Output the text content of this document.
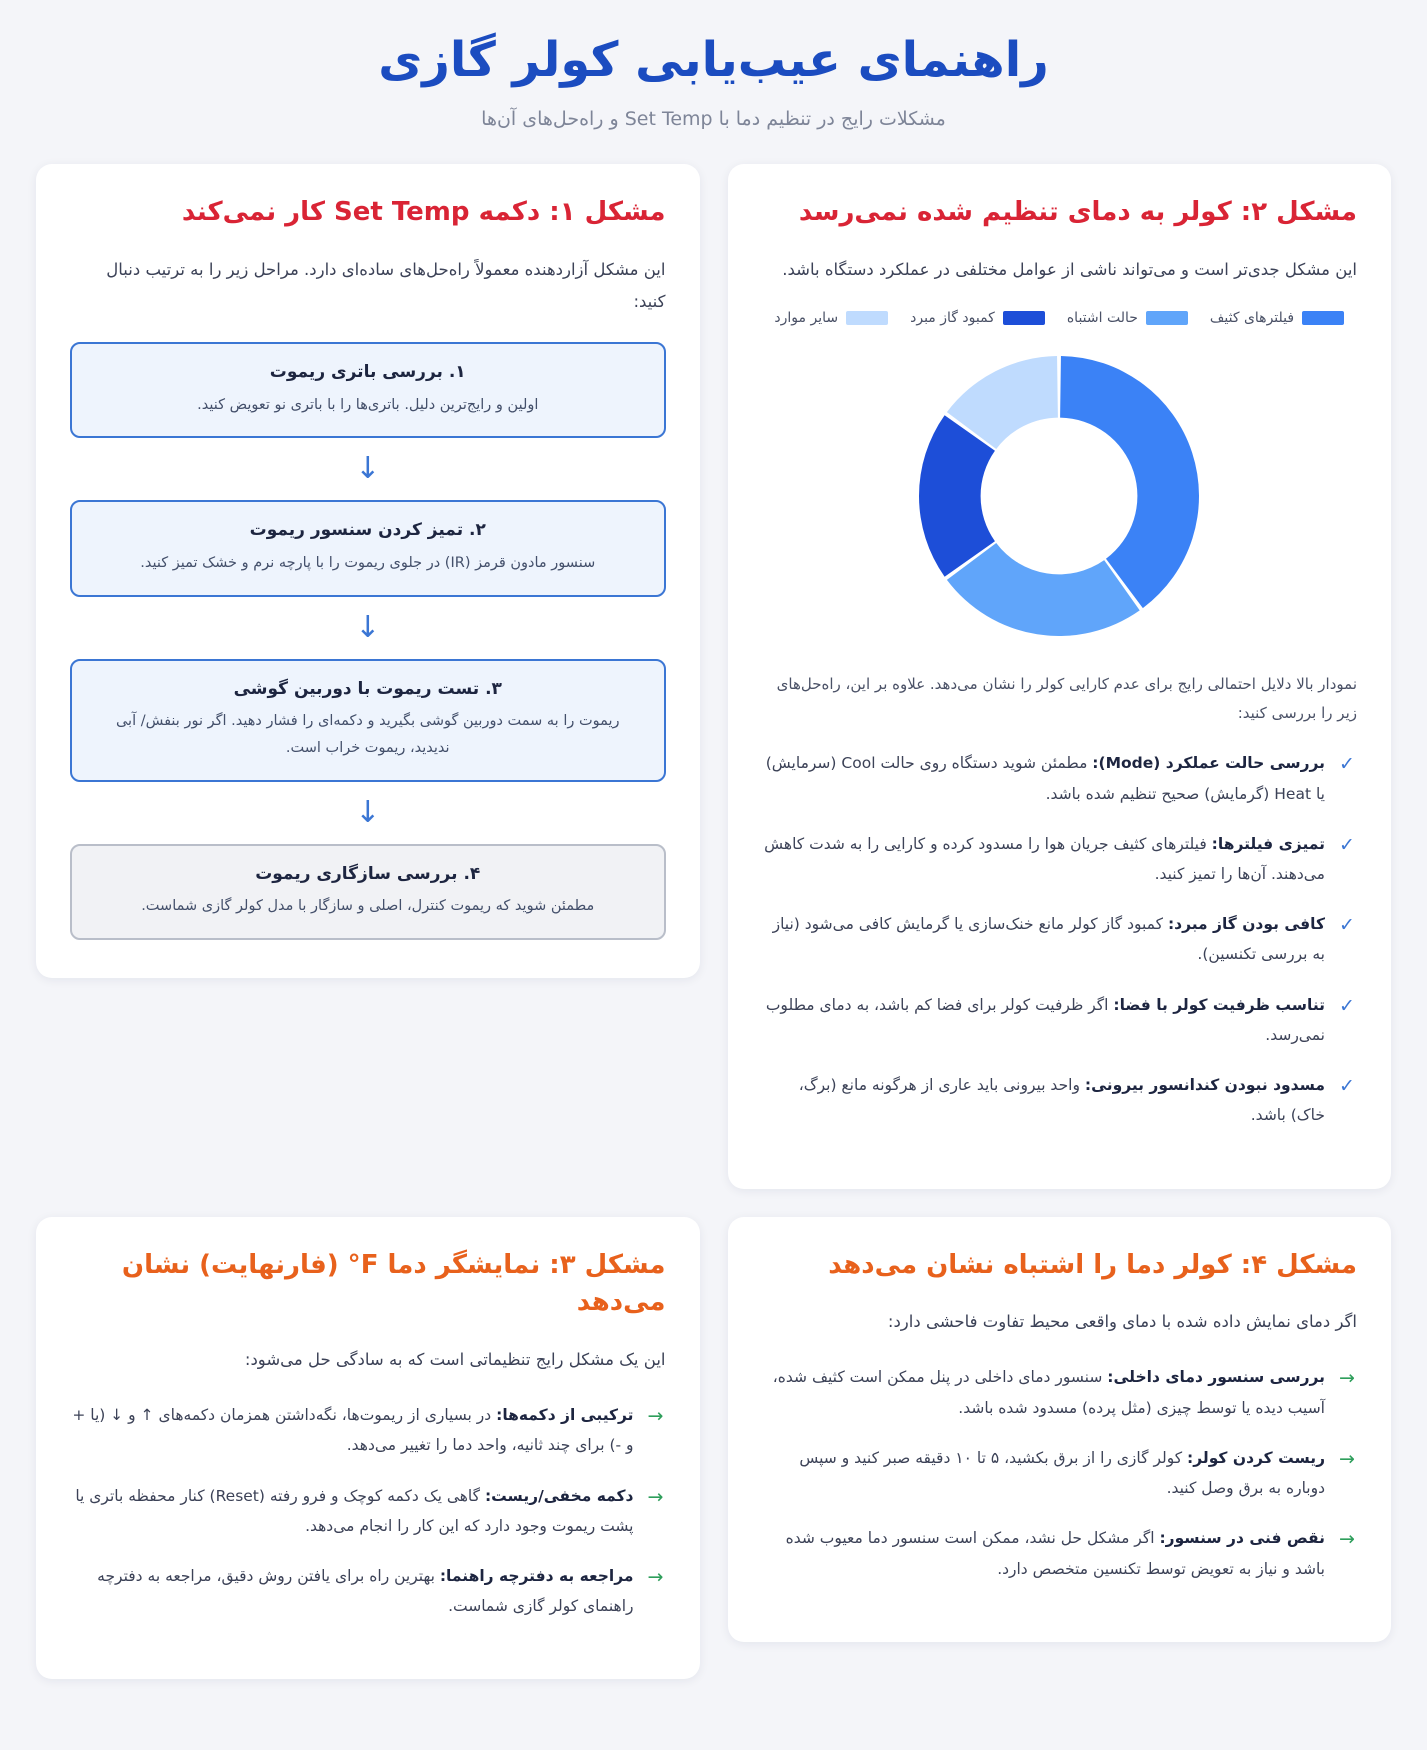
راهنمای عیب‌یابی کولر گازی

مشکلات رایج در تنظیم دما با Set Temp و راه‌حل‌های آن‌ها

مشکل ۲: کولر به دمای تنظیم شده نمی‌رسد

این مشکل جدی‌تر است و می‌تواند ناشی از عوامل مختلفی در عملکرد دستگاه باشد.

فیلترهای کثیف
حالت اشتباه
کمبود گاز مبرد
سایر موارد

نمودار بالا دلایل احتمالی رایج برای عدم کارایی کولر را نشان می‌دهد. علاوه بر این، راه‌حل‌های زیر را بررسی کنید:

✓
بررسی حالت عملکرد (Mode): مطمئن شوید دستگاه روی حالت Cool (سرمایش) یا Heat (گرمایش) صحیح تنظیم شده باشد.
✓
تمیزی فیلترها: فیلترهای کثیف جریان هوا را مسدود کرده و کارایی را به شدت کاهش می‌دهند. آن‌ها را تمیز کنید.
✓
کافی بودن گاز مبرد: کمبود گاز کولر مانع خنک‌سازی یا گرمایش کافی می‌شود (نیاز به بررسی تکنسین).
✓
تناسب ظرفیت کولر با فضا: اگر ظرفیت کولر برای فضا کم باشد، به دمای مطلوب نمی‌رسد.
✓
مسدود نبودن کندانسور بیرونی: واحد بیرونی باید عاری از هرگونه مانع (برگ، خاک) باشد.
مشکل ۱: دکمه Set Temp کار نمی‌کند

این مشکل آزاردهنده معمولاً راه‌حل‌های ساده‌ای دارد. مراحل زیر را به ترتیب دنبال کنید:

۱. بررسی باتری ریموت
اولین و رایج‌ترین دلیل. باتری‌ها را با باتری نو تعویض کنید.
↓
۲. تمیز کردن سنسور ریموت
سنسور مادون قرمز (IR) در جلوی ریموت را با پارچه نرم و خشک تمیز کنید.
↓
۳. تست ریموت با دوربین گوشی
ریموت را به سمت دوربین گوشی بگیرید و دکمه‌ای را فشار دهید. اگر نور بنفش/ آبی ندیدید، ریموت خراب است.
↓
۴. بررسی سازگاری ریموت
مطمئن شوید که ریموت کنترل، اصلی و سازگار با مدل کولر گازی شماست.
مشکل ۴: کولر دما را اشتباه نشان می‌دهد

اگر دمای نمایش داده شده با دمای واقعی محیط تفاوت فاحشی دارد:

→
بررسی سنسور دمای داخلی: سنسور دمای داخلی در پنل ممکن است کثیف شده، آسیب دیده یا توسط چیزی (مثل پرده) مسدود شده باشد.
→
ریست کردن کولر: کولر گازی را از برق بکشید، ۵ تا ۱۰ دقیقه صبر کنید و سپس دوباره به برق وصل کنید.
→
نقص فنی در سنسور: اگر مشکل حل نشد، ممکن است سنسور دما معیوب شده باشد و نیاز به تعویض توسط تکنسین متخصص دارد.
مشکل ۳: نمایشگر دما F° (فارنهایت) نشان می‌دهد

این یک مشکل رایج تنظیماتی است که به سادگی حل می‌شود:

→
ترکیبی از دکمه‌ها: در بسیاری از ریموت‌ها، نگه‌داشتن همزمان دکمه‌های ↑ و ↓ (یا + و -) برای چند ثانیه، واحد دما را تغییر می‌دهد.
→
دکمه مخفی/ریست: گاهی یک دکمه کوچک و فرو رفته (Reset) کنار محفظه باتری یا پشت ریموت وجود دارد که این کار را انجام می‌دهد.
→
مراجعه به دفترچه راهنما: بهترین راه برای یافتن روش دقیق، مراجعه به دفترچه راهنمای کولر گازی شماست.
